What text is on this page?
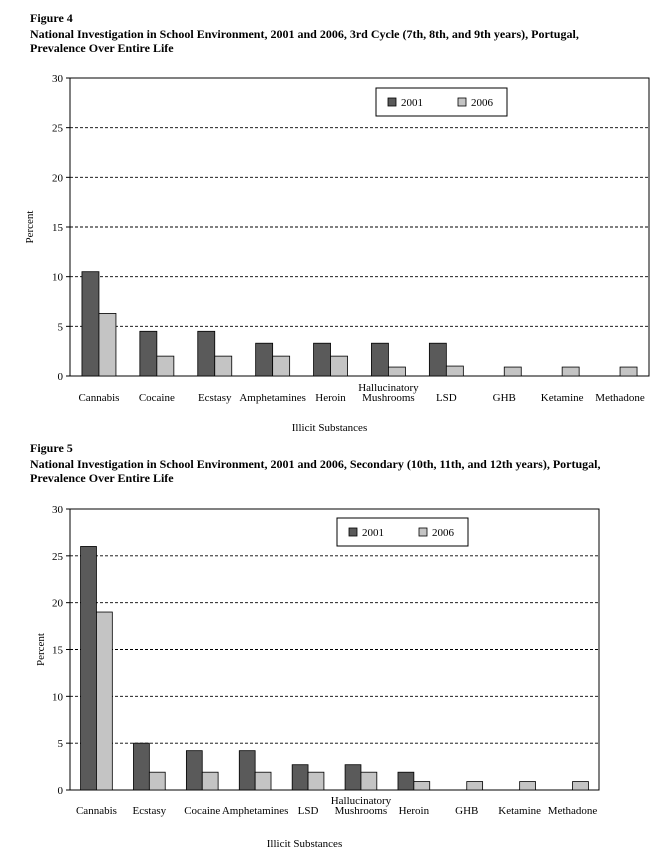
Figure 4

National Investigation in School Environment, 2001 and 2006, 3rd Cycle (7th, 8th, and 9th years), Portugal,

Prevalence Over Entire Life

0
5
10
15
20
25
30
Cannabis Cocaine Ecstasy Amphetamines Heroin
Hallucinatory Mushrooms	LSD	GHB Ketamine Methadone
Illicit Substances
Percent
2001	2006

Figure 5

National Investigation in School Environment, 2001 and 2006, Secondary (10th, 11th, and 12th years), Portugal,

Prevalence Over Entire Life

0
5
10
15
20
25
30
Cannabis Ecstasy Cocaine Amphetamines LSD
Hallucinatory Mushrooms	Heroin GHB Ketamine Methadone
Illicit Substances
Percent
2001	2006
